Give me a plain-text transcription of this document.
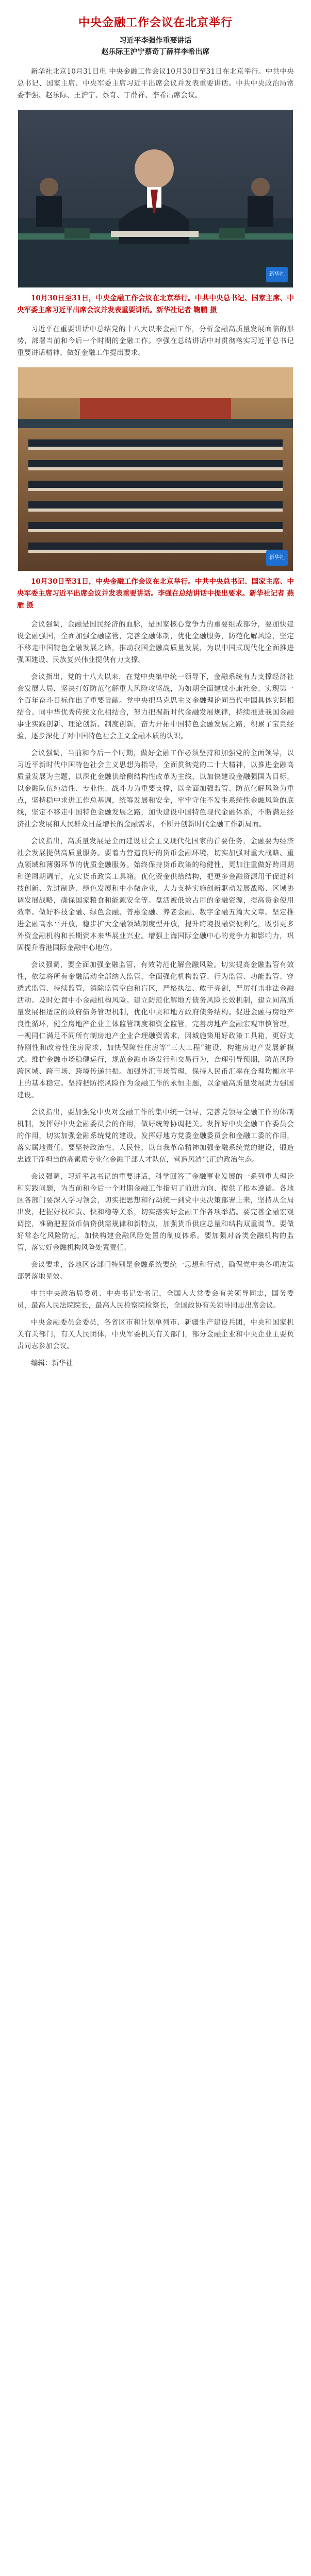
中央金融工作会议在北京举行
习近平李强作重要讲话
赵乐际王沪宁蔡奇丁薛祥李希出席

新华社北京10月31日电 中央金融工作会议10月30日至31日在北京举行。中共中央总书记、国家主席、中央军委主席习近平出席会议并发表重要讲话。中共中央政治局常委李强、赵乐际、王沪宁、蔡奇、丁薛祥、李希出席会议。

新华社

10月30日至31日，中央金融工作会议在北京举行。中共中央总书记、国家主席、中央军委主席习近平出席会议并发表重要讲话。新华社记者 鞠鹏 摄

习近平在重要讲话中总结党的十八大以来金融工作，分析金融高质量发展面临的形势，部署当前和今后一个时期的金融工作。李强在总结讲话中对贯彻落实习近平总书记重要讲话精神、做好金融工作提出要求。

新华社

10月30日至31日，中央金融工作会议在北京举行。中共中央总书记、国家主席、中央军委主席习近平出席会议并发表重要讲话。李强在总结讲话中提出要求。新华社记者 燕雁 摄

会议强调，金融是国民经济的血脉，是国家核心竞争力的重要组成部分，要加快建设金融强国，全面加强金融监管，完善金融体制，优化金融服务，防范化解风险，坚定不移走中国特色金融发展之路，推动我国金融高质量发展，为以中国式现代化全面推进强国建设、民族复兴伟业提供有力支撑。

会议指出，党的十八大以来，在党中央集中统一领导下，金融系统有力支撑经济社会发展大局，坚决打好防范化解重大风险攻坚战，为如期全面建成小康社会、实现第一个百年奋斗目标作出了重要贡献。党中央把马克思主义金融理论同当代中国具体实际相结合、同中华优秀传统文化相结合，努力把握新时代金融发展规律，持续推进我国金融事业实践创新、理论创新、制度创新，奋力开拓中国特色金融发展之路，积累了宝贵经验，逐步深化了对中国特色社会主义金融本质的认识。

会议强调，当前和今后一个时期，做好金融工作必须坚持和加强党的全面领导，以习近平新时代中国特色社会主义思想为指导，全面贯彻党的二十大精神，以推进金融高质量发展为主题，以深化金融供给侧结构性改革为主线，以加快建设金融强国为目标，以金融队伍纯洁性、专业性、战斗力为重要支撑，以全面加强监管、防范化解风险为重点，坚持稳中求进工作总基调，统筹发展和安全，牢牢守住不发生系统性金融风险的底线，坚定不移走中国特色金融发展之路，加快建设中国特色现代金融体系，不断满足经济社会发展和人民群众日益增长的金融需求，不断开创新时代金融工作新局面。

会议指出，高质量发展是全面建设社会主义现代化国家的首要任务，金融要为经济社会发展提供高质量服务。要着力营造良好的货币金融环境，切实加强对重大战略、重点领域和薄弱环节的优质金融服务。始终保持货币政策的稳健性，更加注重做好跨周期和逆周期调节，充实货币政策工具箱。优化资金供给结构，把更多金融资源用于促进科技创新、先进制造、绿色发展和中小微企业，大力支持实施创新驱动发展战略、区域协调发展战略，确保国家粮食和能源安全等。盘活被低效占用的金融资源，提高资金使用效率。做好科技金融、绿色金融、普惠金融、养老金融、数字金融五篇大文章。坚定推进金融高水平开放，稳步扩大金融领域制度型开放，提升跨境投融资便利化，吸引更多外资金融机构和长期资本来华展业兴业。增强上海国际金融中心的竞争力和影响力，巩固提升香港国际金融中心地位。

会议强调，要全面加强金融监管，有效防范化解金融风险。切实提高金融监管有效性，依法将所有金融活动全部纳入监管，全面强化机构监管、行为监管、功能监管、穿透式监管、持续监管，消除监管空白和盲区，严格执法、敢于亮剑，严厉打击非法金融活动。及时处置中小金融机构风险。建立防范化解地方债务风险长效机制，建立同高质量发展相适应的政府债务管理机制，优化中央和地方政府债务结构。促进金融与房地产良性循环，健全房地产企业主体监管制度和资金监管，完善房地产金融宏观审慎管理，一视同仁满足不同所有制房地产企业合理融资需求，因城施策用好政策工具箱，更好支持刚性和改善性住房需求，加快保障性住房等“三大工程”建设，构建房地产发展新模式。维护金融市场稳健运行，规范金融市场发行和交易行为，合理引导预期，防范风险跨区域、跨市场、跨境传递共振。加强外汇市场管理，保持人民币汇率在合理均衡水平上的基本稳定。坚持把防控风险作为金融工作的永恒主题，以金融高质量发展助力强国建设。

会议指出，要加强党中央对金融工作的集中统一领导，完善党领导金融工作的体制机制，发挥好中央金融委员会的作用，做好统筹协调把关。发挥好中央金融工作委员会的作用，切实加强金融系统党的建设。发挥好地方党委金融委员会和金融工委的作用，落实属地责任。要坚持政治性、人民性，以自我革命精神加强金融系统党的建设，锻造忠诚干净担当的高素质专业化金融干部人才队伍，营造风清气正的政治生态。

会议强调，习近平总书记的重要讲话，科学回答了金融事业发展的一系列重大理论和实践问题，为当前和今后一个时期金融工作指明了前进方向、提供了根本遵循。各地区各部门要深入学习领会，切实把思想和行动统一到党中央决策部署上来，坚持从全局出发，把握好权和责、快和稳等关系，切实落实好金融工作各项举措。要完善金融宏观调控，准确把握货币信贷供需规律和新特点，加强货币供应总量和结构双重调节。要做好常态化风险防范，加快构建金融风险处置的制度体系。要加强对各类金融机构的监管，落实好金融机构风险处置责任。

会议要求，各地区各部门特别是金融系统要统一思想和行动，确保党中央各项决策部署落地见效。

中共中央政治局委员、中央书记处书记，全国人大常委会有关领导同志，国务委员，最高人民法院院长，最高人民检察院检察长，全国政协有关领导同志出席会议。

中央金融委员会委员，各省区市和计划单列市、新疆生产建设兵团，中央和国家机关有关部门，有关人民团体，中央军委机关有关部门，部分金融企业和中央企业主要负责同志参加会议。

编辑：新华社
